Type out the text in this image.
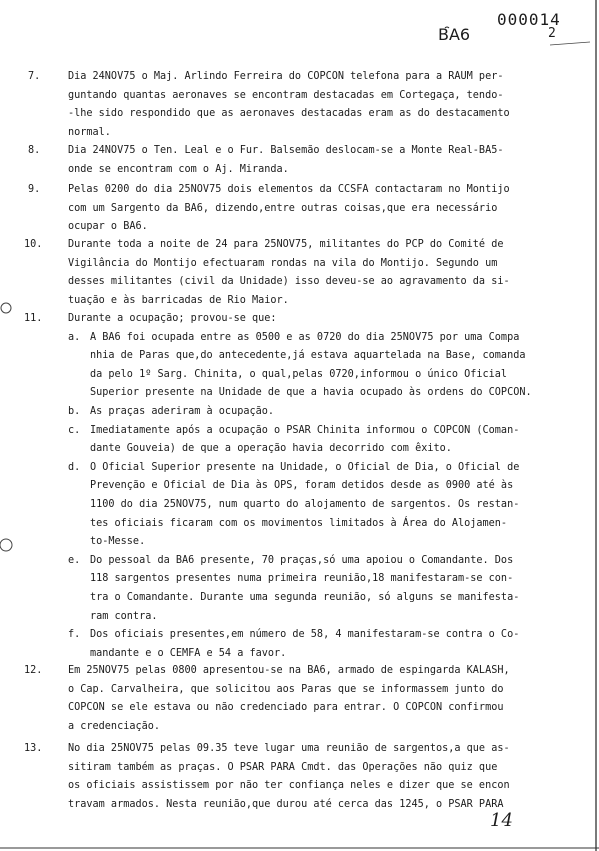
000014
BA6	2
7.	Dia 24NOV75 o Maj. Arlindo Ferreira do COPCON telefona para a RAUM per-
guntando quantas aeronaves se encontram destacadas em Cortegaça, tendo-
-lhe sido respondido que as aeronaves destacadas eram as do destacamento
normal.
8.	Dia 24NOV75 o Ten. Leal e o Fur. Balsemão deslocam-se a Monte Real-BA5-
onde se encontram com o Aj. Miranda.
9.	Pelas 0200 do dia 25NOV75 dois elementos da CCSFA contactaram no Montijo
com um Sargento da BA6, dizendo,entre outras coisas,que era necessário
ocupar o BA6.
10.	Durante toda a noite de 24 para 25NOV75, militantes do PCP do Comité de
Vigilância do Montijo efectuaram rondas na vila do Montijo. Segundo um
desses militantes (civil da Unidade) isso deveu-se ao agravamento da si-
tuação e às barricadas de Rio Maior.
11.	Durante a ocupação; provou-se que:
a. A BA6 foi ocupada entre as 0500 e as 0720 do dia 25NOV75 por uma Compa
nhia de Paras que,do antecedente,já estava aquartelada na Base, comanda
da pelo 1º Sarg. Chinita, o qual,pelas 0720,informou o único Oficial
Superior presente na Unidade de que a havia ocupado às ordens do COPCON.
b. As praças aderiram à ocupação.
c. Imediatamente após a ocupação o PSAR Chinita informou o COPCON (Coman-
dante Gouveia) de que a operação havia decorrido com êxito.
d. O Oficial Superior presente na Unidade, o Oficial de Dia, o Oficial de
Prevenção e Oficial de Dia às OPS, foram detidos desde as 0900 até às
1100 do dia 25NOV75, num quarto do alojamento de sargentos. Os restan-
tes oficiais ficaram com os movimentos limitados à Área do Alojamen-
to-Messe.
e. Do pessoal da BA6 presente, 70 praças,só uma apoiou o Comandante. Dos
118 sargentos presentes numa primeira reunião,18 manifestaram-se con-
tra o Comandante. Durante uma segunda reunião, só alguns se manifesta-
ram contra.
f. Dos oficiais presentes,em número de 58, 4 manifestaram-se contra o Co-
mandante e o CEMFA e 54 a favor.
12.	Em 25NOV75 pelas 0800 apresentou-se na BA6, armado de espingarda KALASH,
o Cap. Carvalheira, que solicitou aos Paras que se informassem junto do
COPCON se ele estava ou não credenciado para entrar. O COPCON confirmou
a credenciação.
13.	No dia 25NOV75 pelas 09.35 teve lugar uma reunião de sargentos,a que as-
sitiram também as praças. O PSAR PARA Cmdt. das Operações não quiz que
os oficiais assistissem por não ter confiança neles e dizer que se encon
travam armados. Nesta reunião,que durou até cerca das 1245, o PSAR PARA
14
